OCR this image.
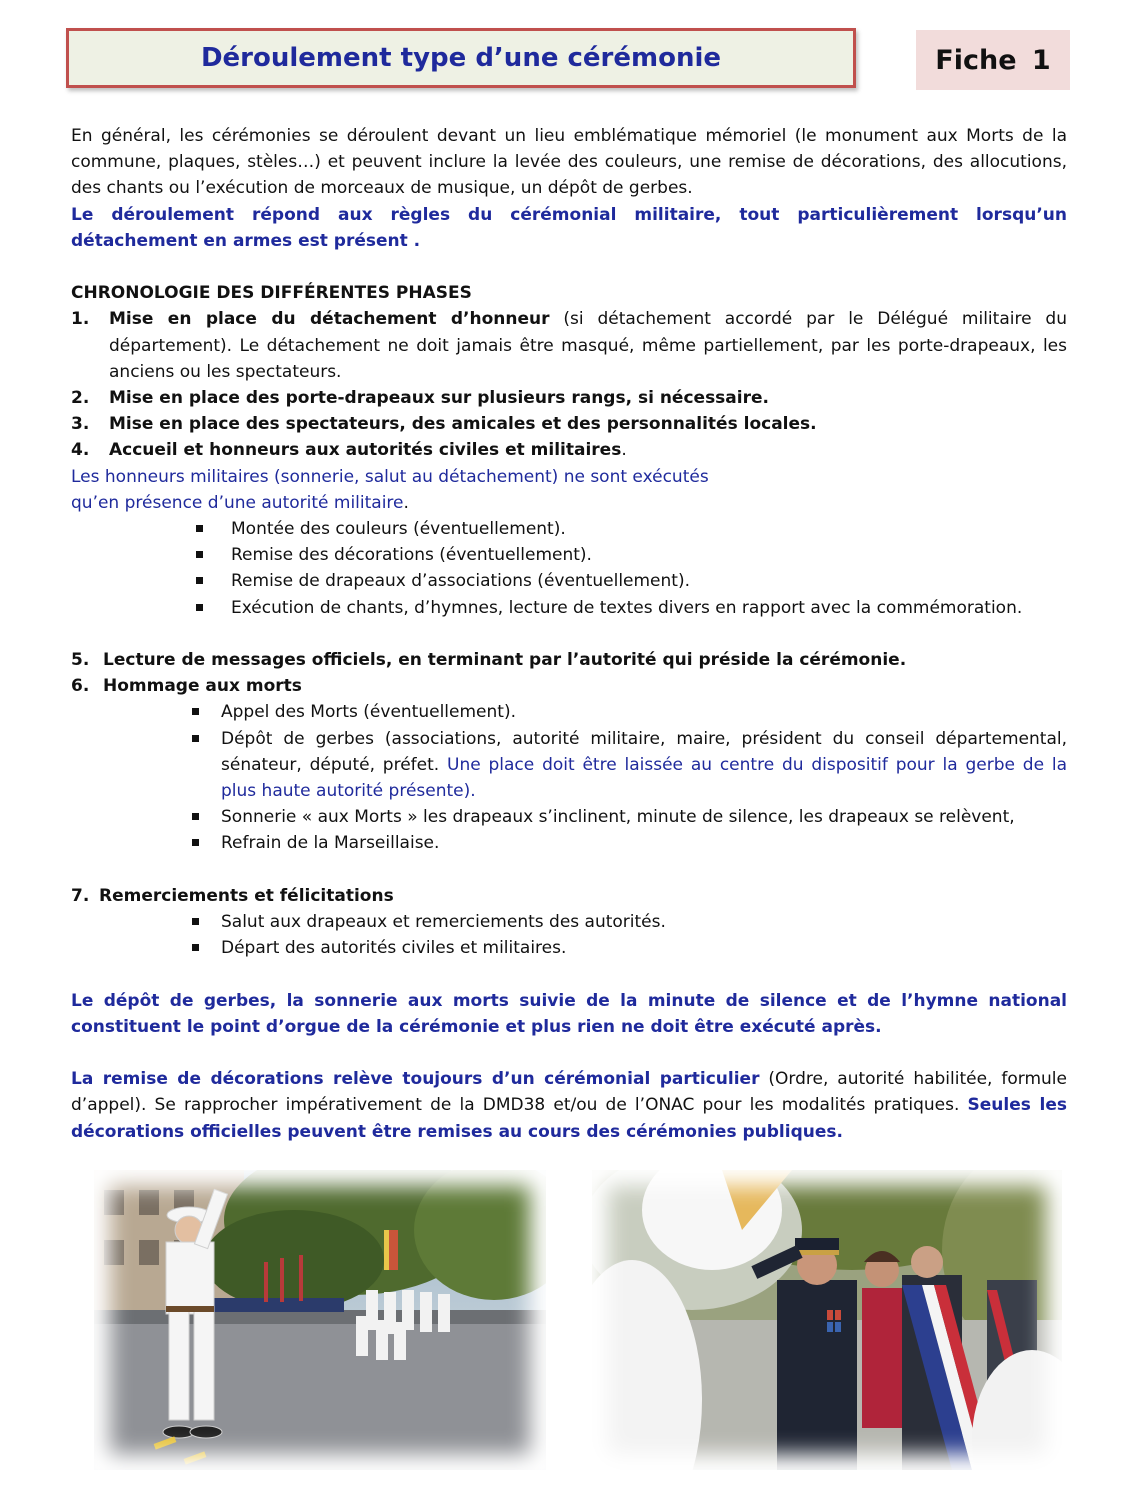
Déroulement type d’une cérémonie	Fiche 1

En général, les cérémonies se déroulent devant un lieu emblématique mémoriel (le monument aux Morts de la commune, plaques, stèles…) et peuvent inclure la levée des couleurs, une remise de décorations, des allocutions, des chants ou l’exécution de morceaux de musique, un dépôt de gerbes.

Le déroulement répond aux règles du cérémonial militaire, tout particulièrement lorsqu’un détachement en armes est présent .

CHRONOLOGIE DES DIFFÉRENTES PHASES

1.	Mise en place du détachement d’honneur (si détachement accordé par le Délégué militaire du département). Le détachement ne doit jamais être masqué, même partiellement, par les porte-drapeaux, les anciens ou les spectateurs.
2.	Mise en place des porte-drapeaux sur plusieurs rangs, si nécessaire.
3.	Mise en place des spectateurs, des amicales et des personnalités locales.
4.	Accueil et honneurs aux autorités civiles et militaires.

Les honneurs militaires (sonnerie, salut au détachement) ne sont exécutés

qu’en présence d’une autorité militaire.

Montée des couleurs (éventuellement).
Remise des décorations (éventuellement).
Remise de drapeaux d’associations (éventuellement).
Exécution de chants, d’hymnes, lecture de textes divers en rapport avec la commémoration.
5. Lecture de messages officiels, en terminant par l’autorité qui préside la cérémonie.
6. Hommage aux morts
Appel des Morts (éventuellement).
Dépôt de gerbes (associations, autorité militaire, maire, président du conseil départemental, sénateur, député, préfet. Une place doit être laissée au centre du dispositif pour la gerbe de la plus haute autorité présente).
Sonnerie « aux Morts » les drapeaux s’inclinent, minute de silence, les drapeaux se relèvent,
Refrain de la Marseillaise.
7. Remerciements et félicitations
Salut aux drapeaux et remerciements des autorités.
Départ des autorités civiles et militaires.

Le dépôt de gerbes, la sonnerie aux morts suivie de la minute de silence et de l’hymne national constituent le point d’orgue de la cérémonie et plus rien ne doit être exécuté après.

La remise de décorations relève toujours d’un cérémonial particulier (Ordre, autorité habilitée, formule d’appel). Se rapprocher impérativement de la DMD38 et/ou de l’ONAC pour les modalités pratiques. Seules les décorations officielles peuvent être remises au cours des cérémonies publiques.
